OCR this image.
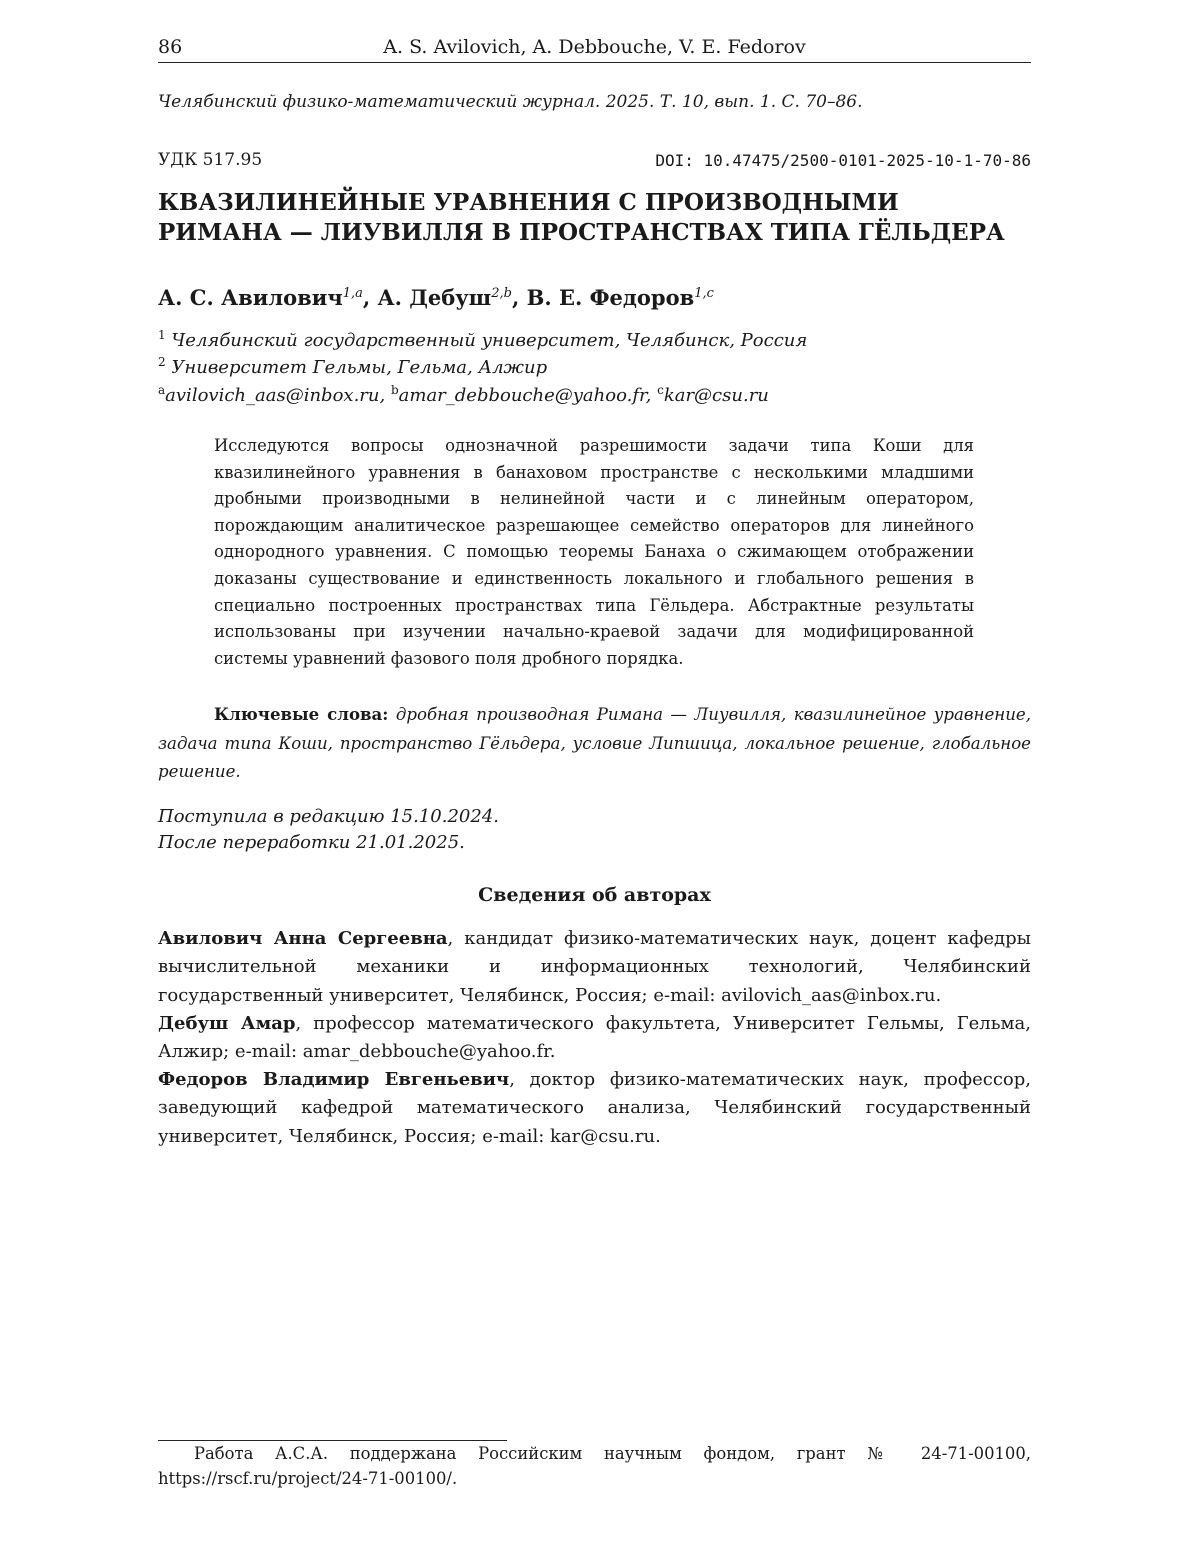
86	A. S. Avilovich, A. Debbouche, V. E. Fedorov
Челябинский физико-математический журнал. 2025. Т. 10, вып. 1. С. 70–86.
УДК 517.95	DOI: 10.47475/2500-0101-2025-10-1-70-86
КВАЗИЛИНЕЙНЫЕ УРАВНЕНИЯ С ПРОИЗВОДНЫМИ
РИМАНА — ЛИУВИЛЛЯ В ПРОСТРАНСТВАХ ТИПА ГЁЛЬДЕРА
А. С. Авилович$^{1,a}$, А. Дебуш$^{2,b}$, В. Е. Федоров$^{1,c}$
$^1$ Челябинский государственный университет, Челябинск, Россия
$^2$ Университет Гельмы, Гельма, Алжир
$^a$avilovich_aas@inbox.ru, $^b$amar_debbouche@yahoo.fr, $^c$kar@csu.ru

Исследуются вопросы однозначной разрешимости задачи типа Коши для квазилинейного уравнения в банаховом пространстве с несколькими младшими дробными производными в нелинейной части и с линейным оператором, порождающим аналитическое разрешающее семейство операторов для линейного однородного уравнения. С помощью теоремы Банаха о сжимающем отображении доказаны существование и единственность локального и глобального решения в специально построенных пространствах типа Гёльдера. Абстрактные результаты использованы при изучении начально-краевой задачи для модифицированной системы уравнений фазового поля дробного порядка.

Ключевые слова: дробная производная Римана — Лиувилля, квазилинейное уравнение, задача типа Коши, пространство Гёльдера, условие Липшица, локальное решение, глобальное решение.

Поступила в редакцию 15.10.2024.
После переработки 21.01.2025.
Сведения об авторах

Авилович Анна Сергеевна, кандидат физико-математических наук, доцент кафедры вычислительной механики и информационных технологий, Челябинский государственный университет, Челябинск, Россия; e-mail: avilovich_aas@inbox.ru.

Дебуш Амар, профессор математического факультета, Университет Гельмы, Гельма, Алжир; e-mail: amar_debbouche@yahoo.fr.

Федоров Владимир Евгеньевич, доктор физико-математических наук, профессор, заведующий кафедрой математического анализа, Челябинский государственный университет, Челябинск, Россия; e-mail: kar@csu.ru.

Работа А.С.А. поддержана Российским научным фондом, грант № 24-71-00100, https://rscf.ru/project/24-71-00100/.
